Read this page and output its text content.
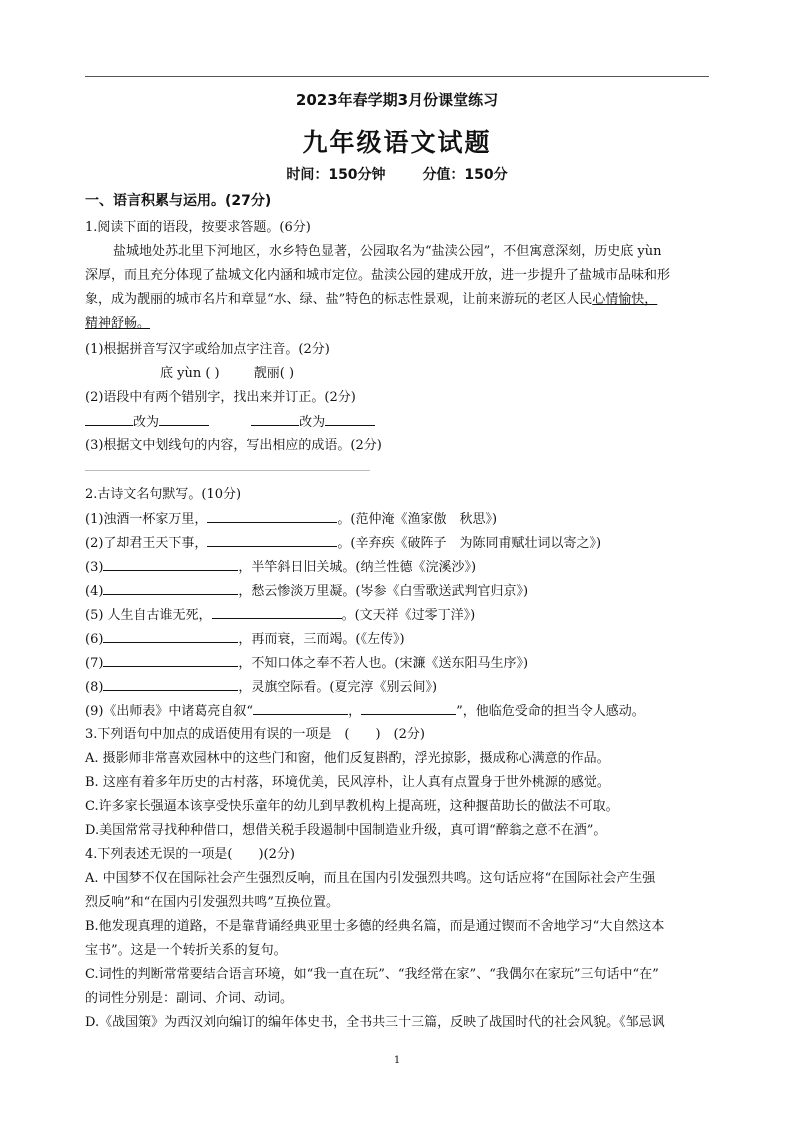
2023年春学期3月份课堂练习
九年级语文试题
时间：150分钟	分值：150分
一、语言积累与运用。(27分)
1.阅读下面的语段，按要求答题。(6分)
盐城地处苏北里下河地区，水乡特色显著，公园取名为“盐渎公园”，不但寓意深刻，历史底 yùn
深厚，而且充分体现了盐城文化内涵和城市定位。盐渎公园的建成开放，进一步提升了盐城市品味和形
象，成为靓丽的城市名片和章显“水、绿、盐”特色的标志性景观，让前来游玩的老区人民心情愉快，
精神舒畅。
(1)根据拼音写汉字或给加点字注音。(2分)
底 yùn ( )	靓丽( )
(2)语段中有两个错别字，找出来并订正。(2分)
改为	改为
(3)根据文中划线句的内容，写出相应的成语。(2分)
2.古诗文名句默写。(10分)
(1)浊酒一杯家万里，	。(范仲淹《渔家傲　秋思》)
(2)了却君王天下事，	。(辛弃疾《破阵子　为陈同甫赋壮词以寄之》)
(3)	，半竿斜日旧关城。(纳兰性德《浣溪沙》)
(4)	，愁云惨淡万里凝。(岑参《白雪歌送武判官归京》)
(5) 人生自古谁无死，	。(文天祥《过零丁洋》)
(6)	，再而衰，三而竭。(《左传》)
(7)	，不知口体之奉不若人也。(宋濂《送东阳马生序》)
(8)	，灵旗空际看。(夏完淳《别云间》)
(9)《出师表》中诸葛亮自叙“	，	”，他临危受命的担当令人感动。
3.下列语句中加点的成语使用有误的一项是　(　　)　(2分)
A. 摄影师非常喜欢园林中的这些门和窗，他们反复斟酌，浮光掠影，摄成称心满意的作品。
B. 这座有着多年历史的古村落，环境优美，民风淳朴，让人真有点置身于世外桃源的感觉。
C.许多家长强逼本该享受快乐童年的幼儿到早教机构上提高班，这种揠苗助长的做法不可取。
D.美国常常寻找种种借口，想借关税手段遏制中国制造业升级，真可谓“醉翁之意不在酒”。
4.下列表述无误的一项是(　　)(2分)
A. 中国梦不仅在国际社会产生强烈反响，而且在国内引发强烈共鸣。这句话应将“在国际社会产生强
烈反响”和“在国内引发强烈共鸣”互换位置。
B.他发现真理的道路，不是靠背诵经典亚里士多德的经典名篇，而是通过锲而不舍地学习“大自然这本
宝书”。这是一个转折关系的复句。
C.词性的判断常常要结合语言环境，如“我一直在玩”、“我经常在家”、“我偶尔在家玩”三句话中“在”
的词性分别是：副词、介词、动词。
D.《战国策》为西汉刘向编订的编年体史书，全书共三十三篇，反映了战国时代的社会风貌。《邹忌讽
1
